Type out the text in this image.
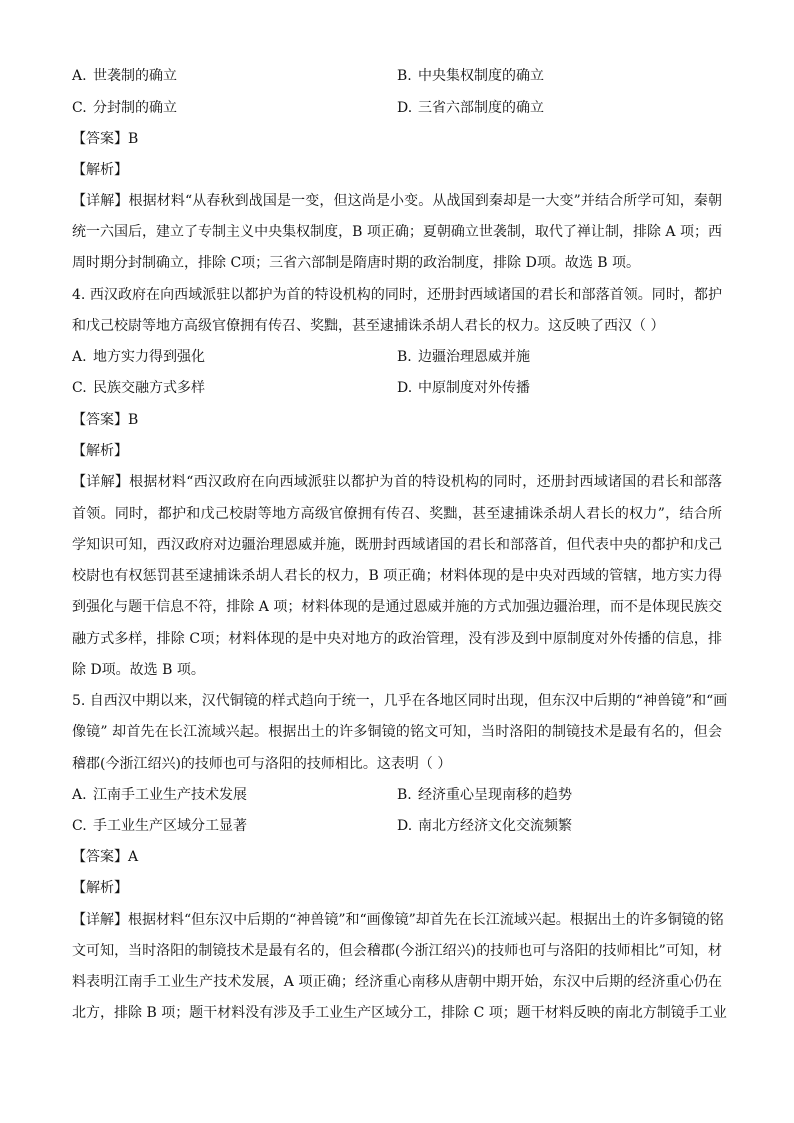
A. 世袭制的确立	B. 中央集权制度的确立
C. 分封制的确立	D. 三省六部制度的确立
【答案】B
【解析】
【详解】根据材料“从春秋到战国是一变，但这尚是小变。从战国到秦却是一大变”并结合所学可知，秦朝
统一六国后，建立了专制主义中央集权制度，B 项正确；夏朝确立世袭制，取代了禅让制，排除 A 项；西
周时期分封制确立，排除 C项；三省六部制是隋唐时期的政治制度，排除 D项。故选 B 项。
4. 西汉政府在向西域派驻以都护为首的特设机构的同时，还册封西域诸国的君长和部落首领。同时，都护
和戊己校尉等地方高级官僚拥有传召、奖黜，甚至逮捕诛杀胡人君长的权力。这反映了西汉（ ）
A. 地方实力得到强化	B. 边疆治理恩威并施
C. 民族交融方式多样	D. 中原制度对外传播
【答案】B
【解析】
【详解】根据材料“西汉政府在向西域派驻以都护为首的特设机构的同时，还册封西域诸国的君长和部落
首领。同时，都护和戊己校尉等地方高级官僚拥有传召、奖黜，甚至逮捕诛杀胡人君长的权力”，结合所
学知识可知，西汉政府对边疆治理恩威并施，既册封西域诸国的君长和部落首，但代表中央的都护和戊己
校尉也有权惩罚甚至逮捕诛杀胡人君长的权力，B 项正确；材料体现的是中央对西域的管辖，地方实力得
到强化与题干信息不符，排除 A 项；材料体现的是通过恩威并施的方式加强边疆治理，而不是体现民族交
融方式多样，排除 C项；材料体现的是中央对地方的政治管理，没有涉及到中原制度对外传播的信息，排
除 D项。故选 B 项。
5. 自西汉中期以来，汉代铜镜的样式趋向于统一，几乎在各地区同时出现，但东汉中后期的“神兽镜”和“画
像镜” 却首先在长江流域兴起。根据出土的许多铜镜的铭文可知，当时洛阳的制镜技术是最有名的，但会
稽郡(今浙江绍兴)的技师也可与洛阳的技师相比。这表明（ ）
A. 江南手工业生产技术发展	B. 经济重心呈现南移的趋势
C. 手工业生产区域分工显著	D. 南北方经济文化交流频繁
【答案】A
【解析】
【详解】根据材料“但东汉中后期的“神兽镜”和“画像镜”却首先在长江流域兴起。根据出土的许多铜镜的铭
文可知，当时洛阳的制镜技术是最有名的，但会稽郡(今浙江绍兴)的技师也可与洛阳的技师相比”可知，材
料表明江南手工业生产技术发展，A 项正确；经济重心南移从唐朝中期开始，东汉中后期的经济重心仍在
北方，排除 B 项；题干材料没有涉及手工业生产区域分工，排除 C 项；题干材料反映的南北方制镜手工业
